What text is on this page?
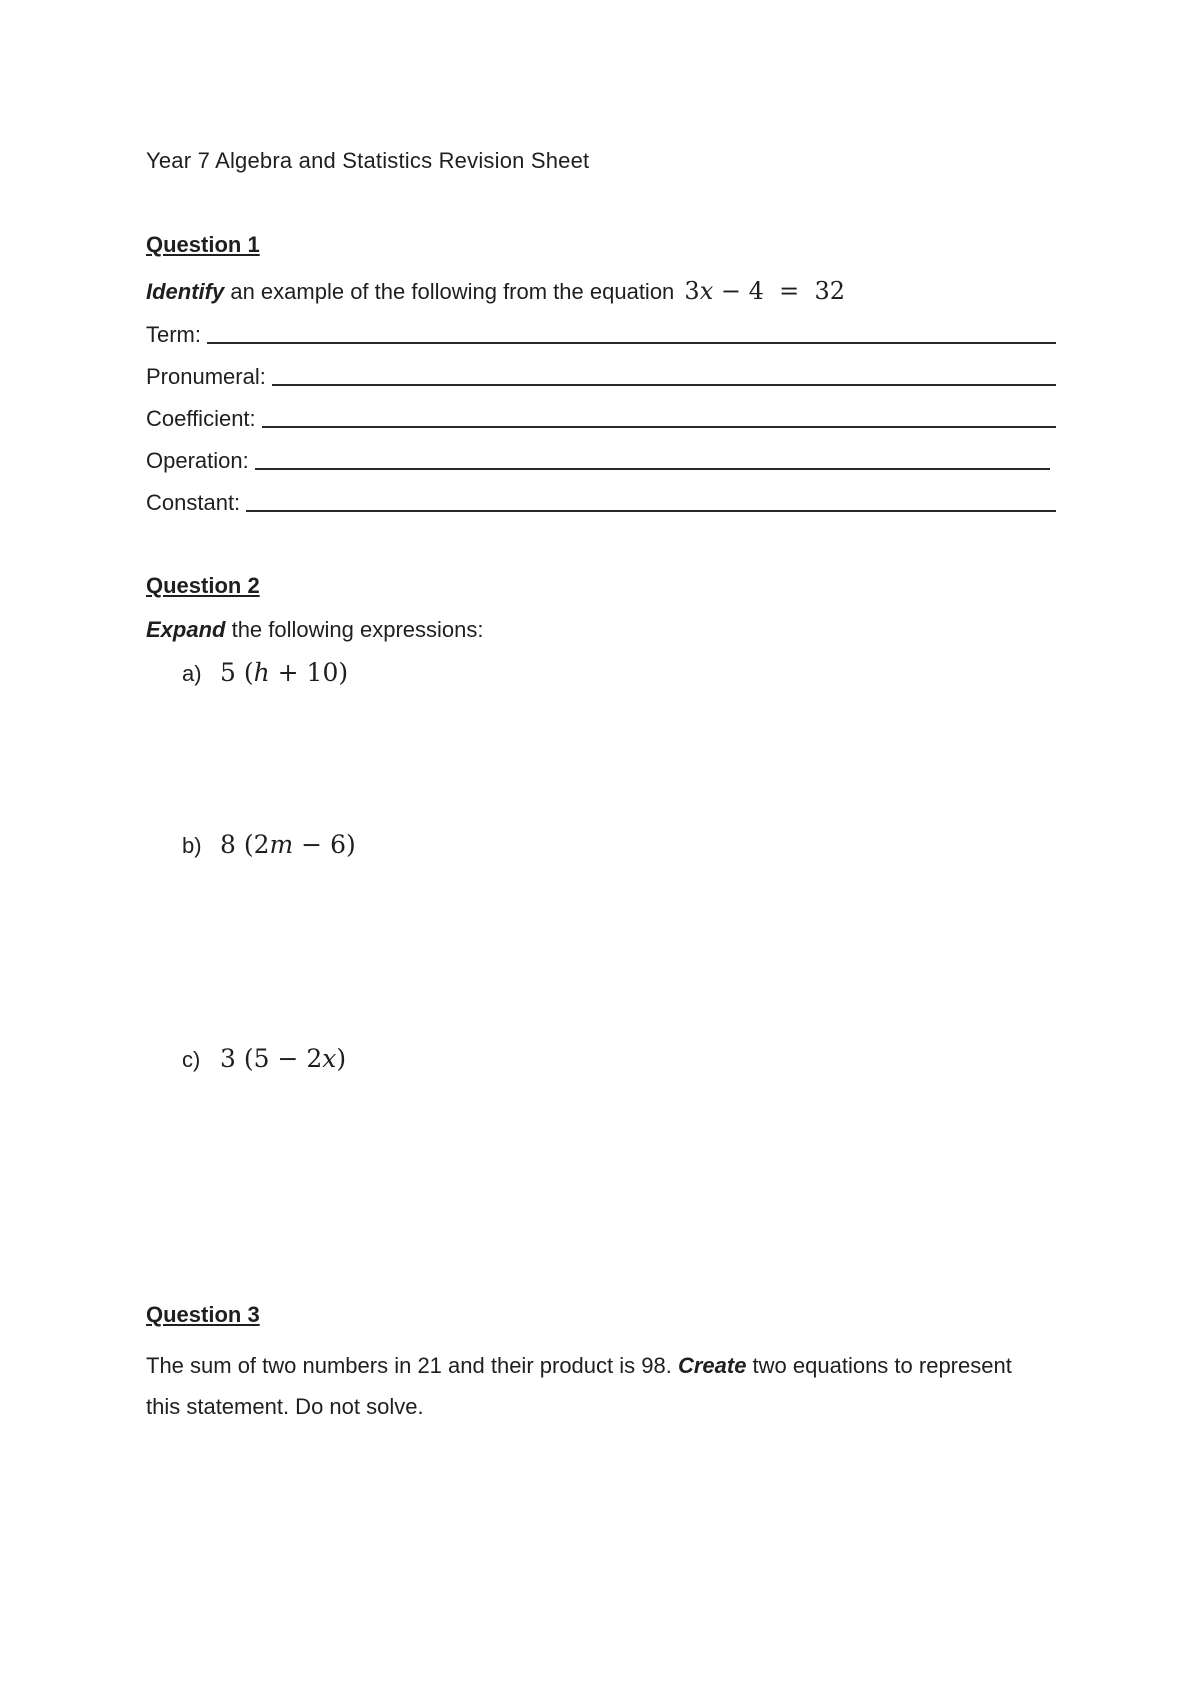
Year 7 Algebra and Statistics Revision Sheet
Question 1
Identify an example of the following from the equation 3x − 4  =  32
Term:
Pronumeral:
Coefficient:
Operation:
Constant:
Question 2
Expand the following expressions:
a) 5 (h + 10)
b) 8 (2m − 6)
c) 3 (5 − 2x)
Question 3
The sum of two numbers in 21 and their product is 98. Create two equations to represent this statement. Do not solve.
